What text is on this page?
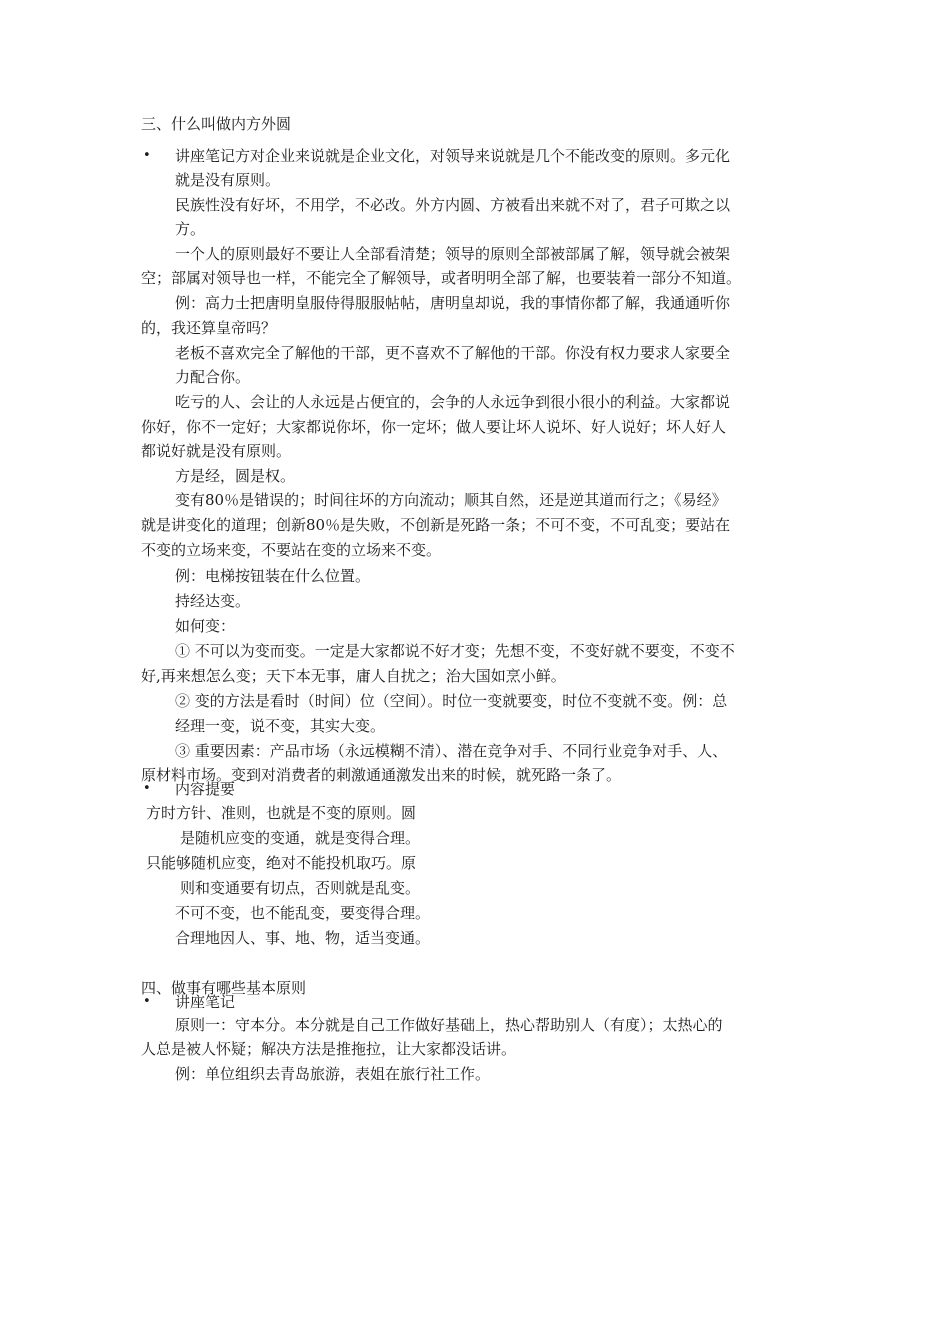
三、什么叫做内方外圆
• 讲座笔记方对企业来说就是企业文化，对领导来说就是几个不能改变的原则。多元化
就是没有原则。
民族性没有好坏，不用学，不必改。外方内圆、方被看出来就不对了，君子可欺之以
方。
一个人的原则最好不要让人全部看清楚；领导的原则全部被部属了解，领导就会被架
空；部属对领导也一样，不能完全了解领导，或者明明全部了解，也要装着一部分不知道。
例：高力士把唐明皇服侍得服服帖帖，唐明皇却说，我的事情你都了解，我通通听你
的，我还算皇帝吗？
老板不喜欢完全了解他的干部，更不喜欢不了解他的干部。你没有权力要求人家要全
力配合你。
吃亏的人、会让的人永远是占便宜的，会争的人永远争到很小很小的利益。大家都说
你好，你不一定好；大家都说你坏，你一定坏；做人要让坏人说坏、好人说好；坏人好人
都说好就是没有原则。
方是经，圆是权。
变有80％是错误的；时间往坏的方向流动；顺其自然，还是逆其道而行之；《易经》
就是讲变化的道理；创新80％是失败，不创新是死路一条；不可不变，不可乱变；要站在
不变的立场来变，不要站在变的立场来不变。
例：电梯按钮装在什么位置。
持经达变。
如何变：
① 不可以为变而变。一定是大家都说不好才变；先想不变，不变好就不要变，不变不
好,再来想怎么变；天下本无事，庸人自扰之；治大国如烹小鲜。
② 变的方法是看时（时间）位（空间）。时位一变就要变，时位不变就不变。例：总
经理一变，说不变，其实大变。
③ 重要因素：产品市场（永远模糊不清）、潜在竞争对手、不同行业竞争对手、人、
原材料市场。变到对消费者的刺激通通激发出来的时候，就死路一条了。
• 内容提要
方时方针、准则，也就是不变的原则。圆
是随机应变的变通，就是变得合理。
只能够随机应变，绝对不能投机取巧。原
则和变通要有切点，否则就是乱变。
不可不变，也不能乱变，要变得合理。
合理地因人、事、地、物，适当变通。
四、做事有哪些基本原则
• 讲座笔记
原则一：守本分。本分就是自己工作做好基础上，热心帮助别人（有度）；太热心的
人总是被人怀疑；解决方法是推拖拉，让大家都没话讲。
例：单位组织去青岛旅游，表姐在旅行社工作。
